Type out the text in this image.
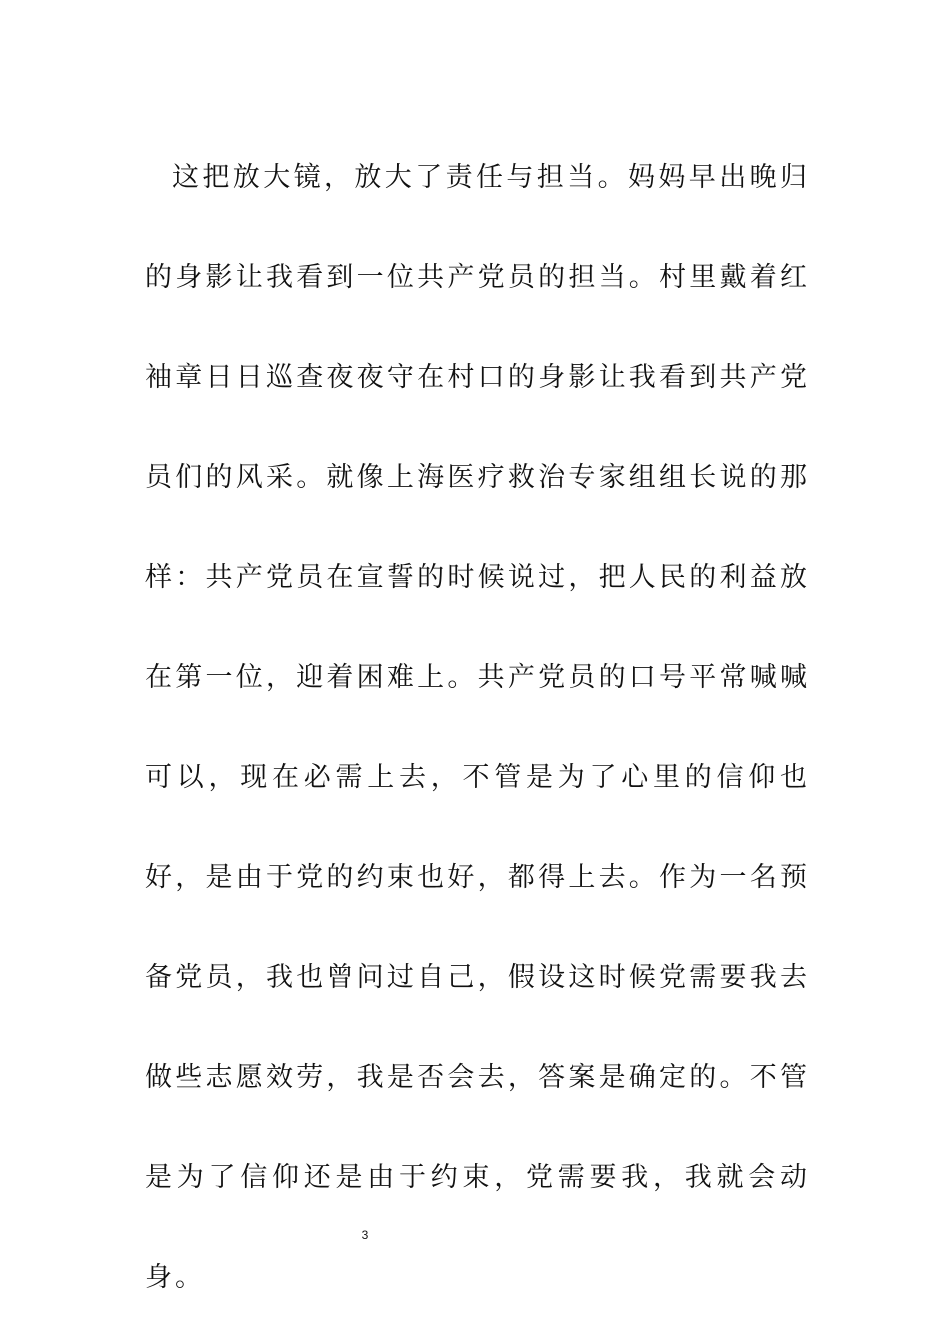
这把放大镜，放大了责任与担当。妈妈早出晚归的身影让我看到一位共产党员的担当。村里戴着红袖章日日巡查夜夜守在村口的身影让我看到共产党员们的风采。就像上海医疗救治专家组组长说的那样：共产党员在宣誓的时候说过，把人民的利益放在第一位，迎着困难上。共产党员的口号平常喊喊可以，现在必需上去，不管是为了心里的信仰也好，是由于党的约束也好，都得上去。作为一名预备党员，我也曾问过自己，假设这时候党需要我去做些志愿效劳，我是否会去，答案是确定的。不管是为了信仰还是由于约束，党需要我，我就会动身。

3
